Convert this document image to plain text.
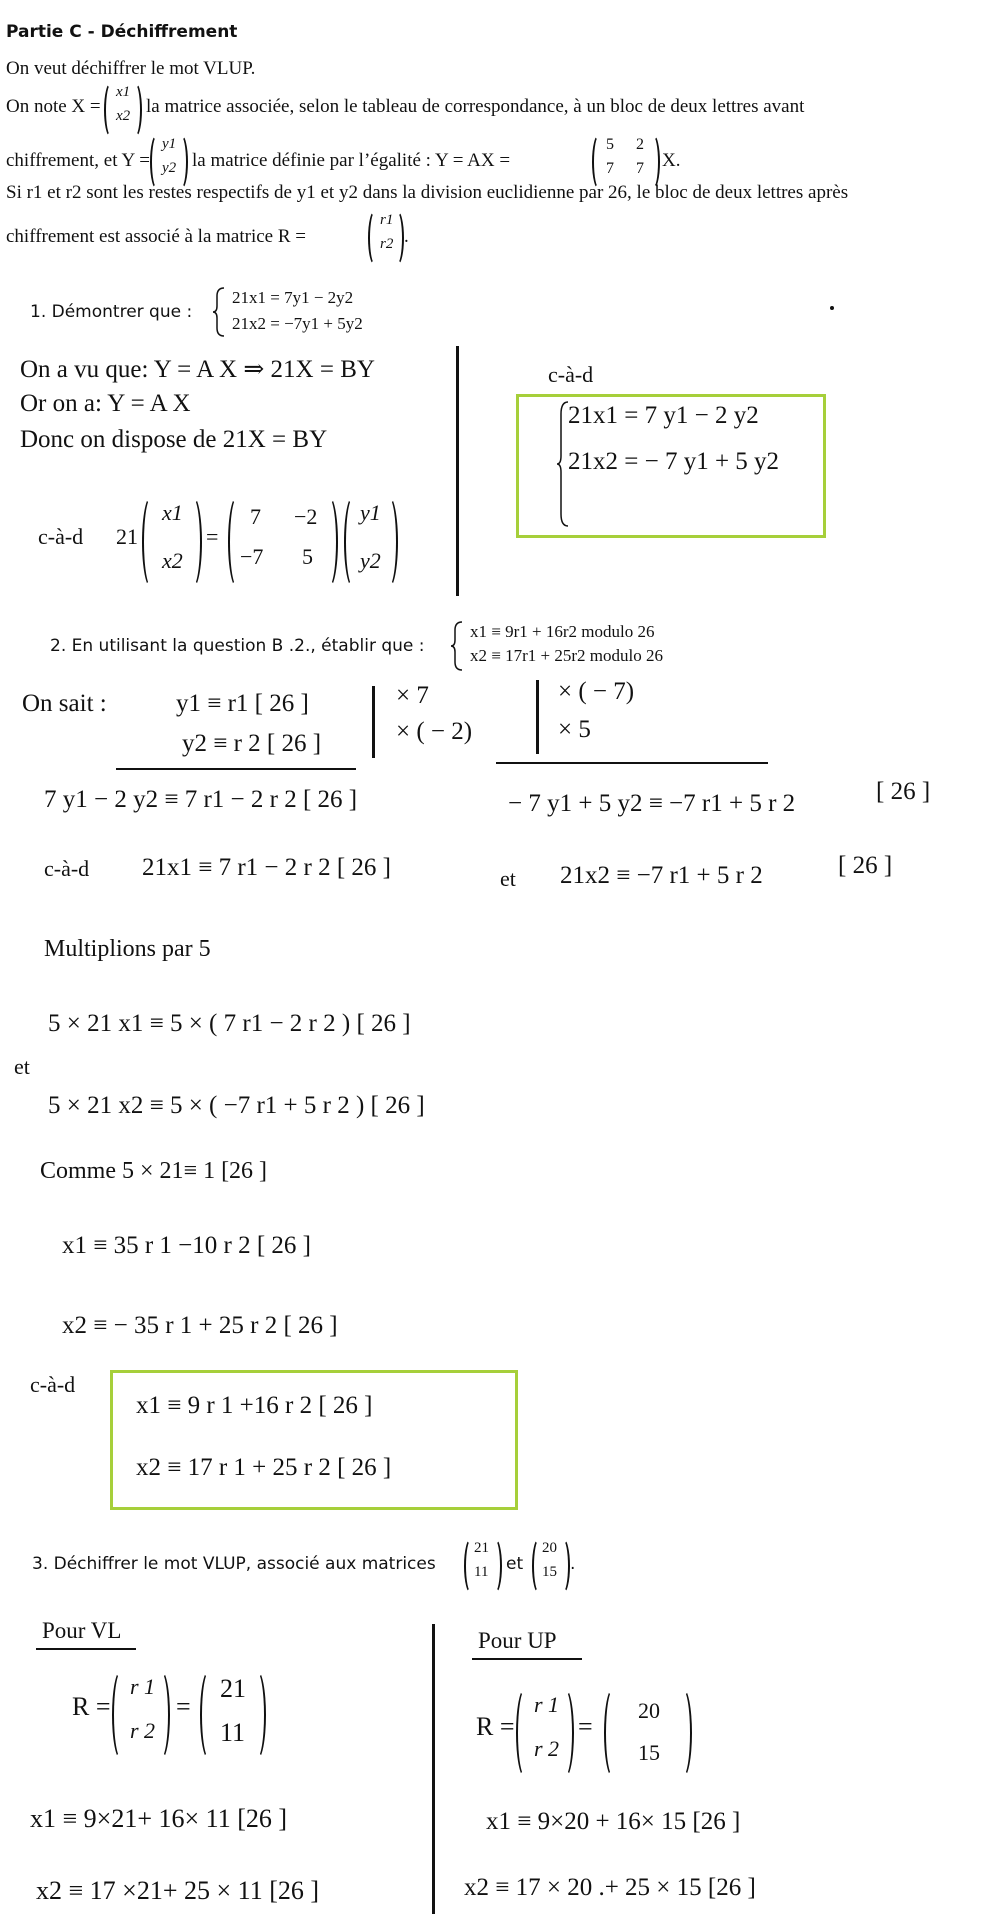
Partie C - Déchiffrement
On veut déchiffrer le mot VLUP.
On note X =
x1
x2 la matrice associée, selon le tableau de correspondance, à un bloc de deux lettres avant
chiffrement, et Y =
y1
y2 la matrice définie par l’égalité : Y = AX =
5 2
7 7 X.
Si r1 et r2 sont les restes respectifs de y1 et y2 dans la division euclidienne par 26, le bloc de deux lettres après
chiffrement est associé à la matrice R =
r1
r2 .
1. Démontrer que :
21x1 = 7y1 − 2y2
21x2 = −7y1 + 5y2
On a vu que: Y = A X ⇒ 21X = BY
Or on a: Y = A X
Donc on dispose de 21X = BY
c-à-d 21
x1
x2
=
7 −2
−7 5
y1
y2
c-à-d
21x1 = 7 y1 − 2 y2
21x2 = − 7 y1 + 5 y2
2. En utilisant la question B .2., établir que :
x1 ≡ 9r1 + 16r2 modulo 26
x2 ≡ 17r1 + 25r2 modulo 26
On sait :	y1 ≡ r1 [ 26 ]
y2 ≡ r 2 [ 26 ]
× 7
× ( − 2)
× ( − 7)
× 5
7 y1 − 2 y2 ≡ 7 r1 − 2 r 2 [ 26 ]	− 7 y1 + 5 y2 ≡ −7 r1 + 5 r 2	[ 26 ]
c-à-d 21x1 ≡ 7 r1 − 2 r 2 [ 26 ]	et 21x2 ≡ −7 r1 + 5 r 2	[ 26 ]
Multiplions par 5
5 × 21 x1 ≡ 5 × ( 7 r1 − 2 r 2 ) [ 26 ]
et
5 × 21 x2 ≡ 5 × ( −7 r1 + 5 r 2 ) [ 26 ]
Comme 5 × 21≡ 1 [26 ]
x1 ≡ 35 r 1 −10 r 2 [ 26 ]
x2 ≡ − 35 r 1 + 25 r 2 [ 26 ]
c-à-d
x1 ≡ 9 r 1 +16 r 2 [ 26 ]
x2 ≡ 17 r 1 + 25 r 2 [ 26 ]
3. Déchiffrer le mot VLUP, associé aux matrices
21
11 et
20
15 .
Pour VL
R =
r 1
r 2
=
21
11
x1 ≡ 9×21+ 16× 11 [26 ]
x2 ≡ 17 ×21+ 25 × 11 [26 ]
Pour UP
R =
r 1
r 2
=
20
15
x1 ≡ 9×20 + 16× 15 [26 ]
x2 ≡ 17 × 20 .+ 25 × 15 [26 ]
